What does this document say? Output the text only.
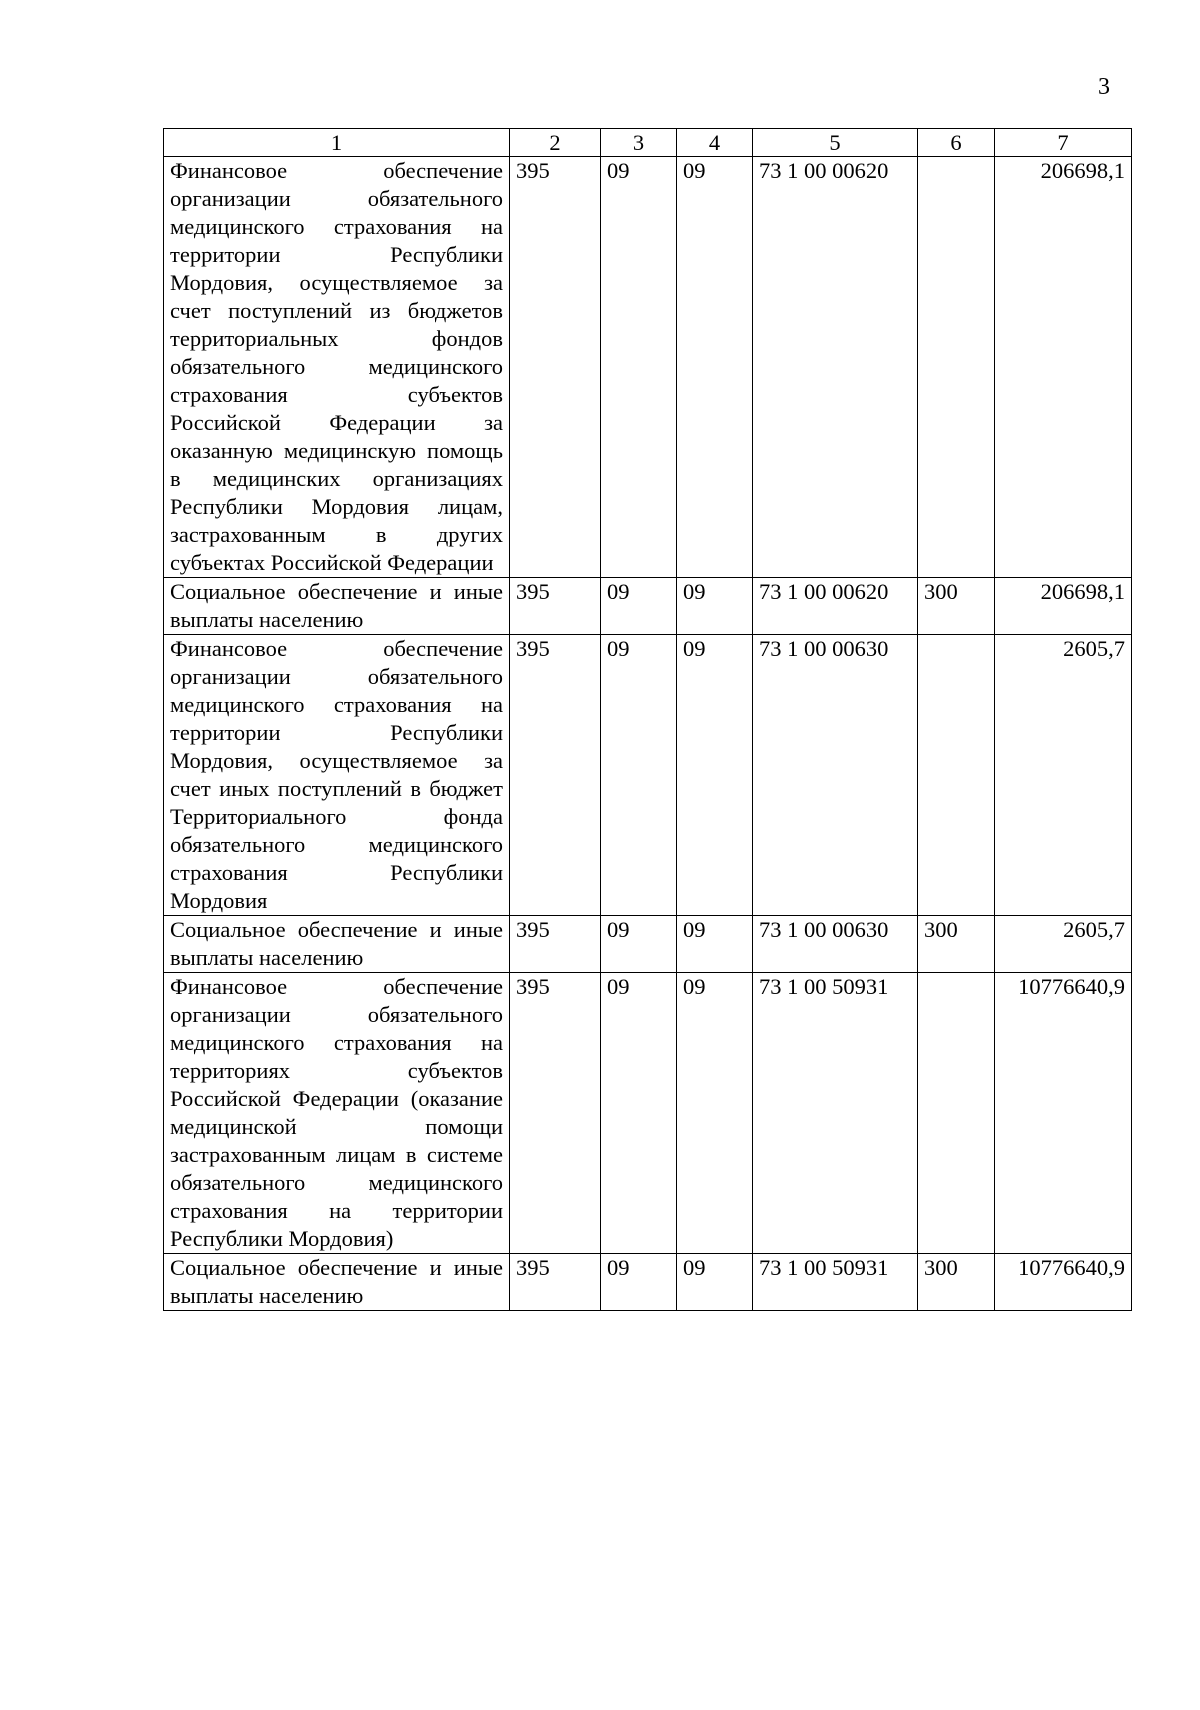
3
1	2	3	4	5	6	7
Финансовое обеспечение организации обязательного медицинского страхования на территории Республики Мордовия, осуществляемое за счет поступлений из бюджетов территориальных фондов обязательного медицинского страхования субъектов Российской Федерации за оказанную медицинскую помощь в медицинских организациях Республики Мордовия лицам, застрахованным в других субъектах Российской Федерации	395	09	09	73 1 00 00620		206698,1
Социальное обеспечение и иные выплаты населению	395	09	09	73 1 00 00620	300	206698,1
Финансовое обеспечение организации обязательного медицинского страхования на территории Республики Мордовия, осуществляемое за счет иных поступлений в бюджет Территориального фонда обязательного медицинского страхования Республики Мордовия	395	09	09	73 1 00 00630		2605,7
Социальное обеспечение и иные выплаты населению	395	09	09	73 1 00 00630	300	2605,7
Финансовое обеспечение организации обязательного медицинского страхования на территориях субъектов Российской Федерации (оказание медицинской помощи застрахованным лицам в системе обязательного медицинского страхования на территории Республики Мордовия)	395	09	09	73 1 00 50931		10776640,9
Социальное обеспечение и иные выплаты населению	395	09	09	73 1 00 50931	300	10776640,9
